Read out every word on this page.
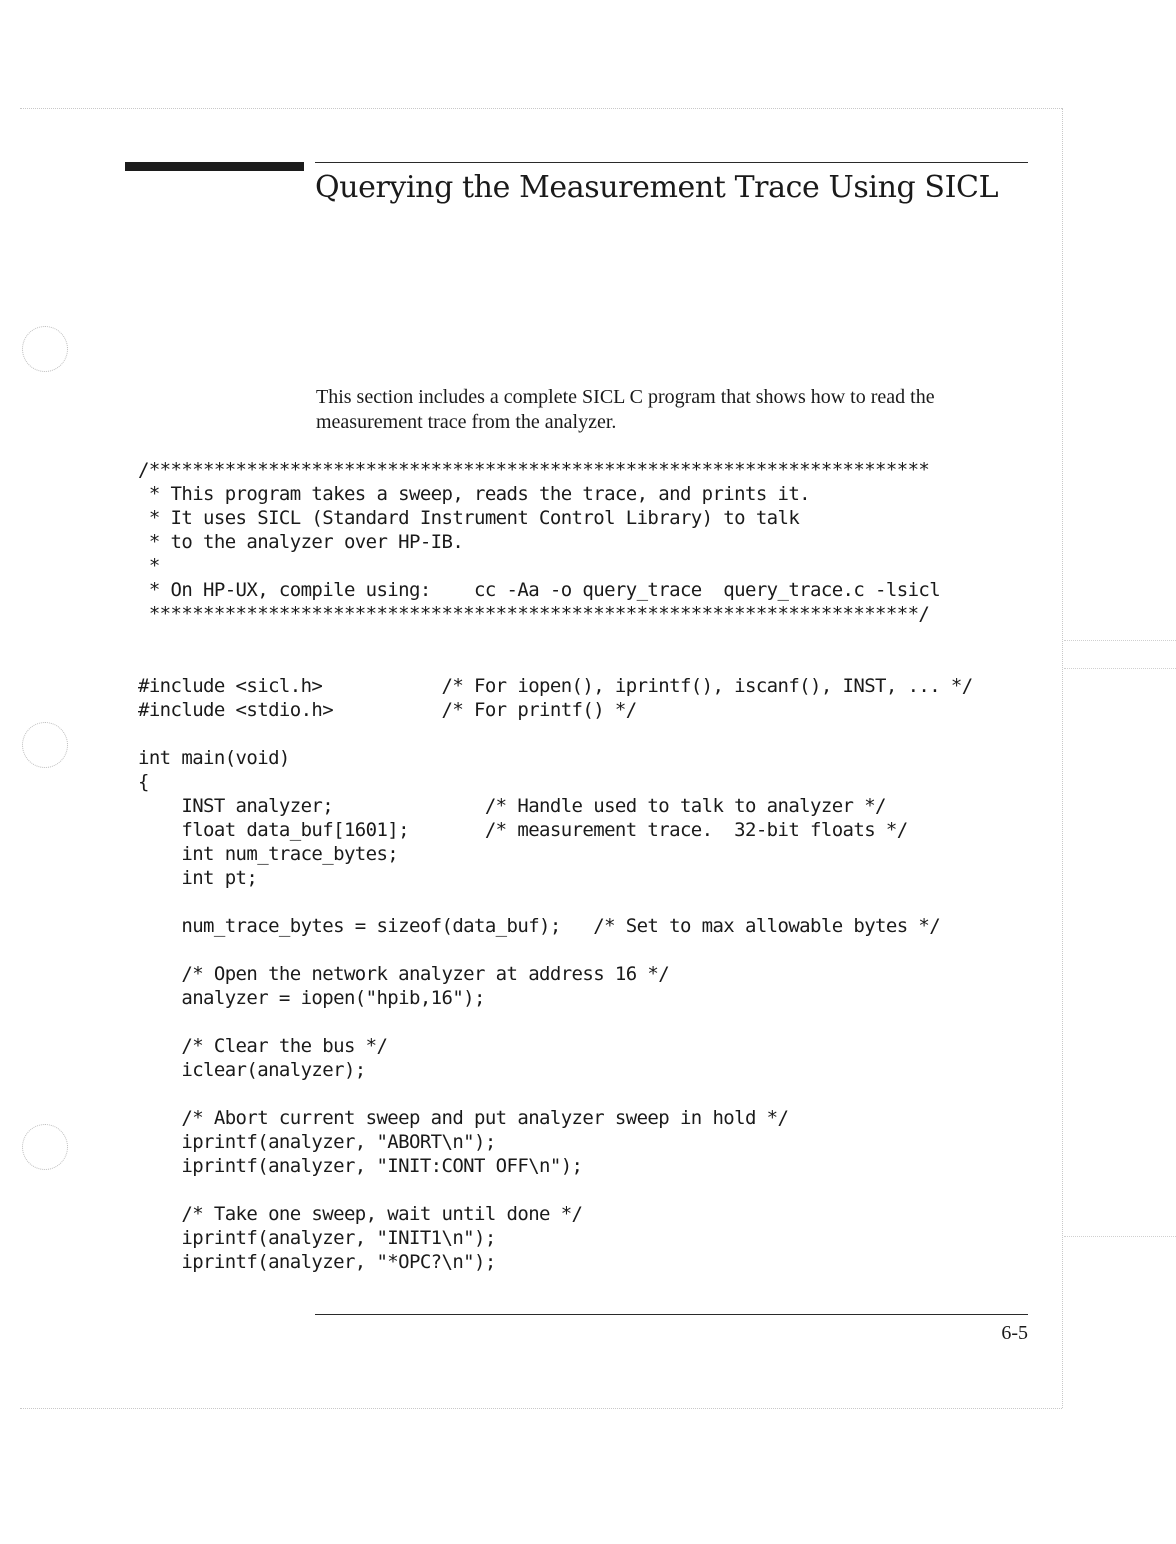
Querying the Measurement Trace Using SICL

This section includes a complete SICL C program that shows how to read the measurement trace from the analyzer.

/************************************************************************
* This program takes a sweep, reads the trace, and prints it.
* It uses SICL (Standard Instrument Control Library) to talk
* to the analyzer over HP-IB.
*
* On HP-UX, compile using:    cc -Aa -o query_trace  query_trace.c -lsicl
***********************************************************************/

#include <sicl.h>           /* For iopen(), iprintf(), iscanf(), INST, ... */
#include <stdio.h>          /* For printf() */

int main(void)
{
INST analyzer;              /* Handle used to talk to analyzer */
float data_buf[1601];       /* measurement trace.  32-bit floats */
int num_trace_bytes;
int pt;

num_trace_bytes = sizeof(data_buf);   /* Set to max allowable bytes */

/* Open the network analyzer at address 16 */
analyzer = iopen("hpib,16");

/* Clear the bus */
iclear(analyzer);

/* Abort current sweep and put analyzer sweep in hold */
iprintf(analyzer, "ABORT\n");
iprintf(analyzer, "INIT:CONT OFF\n");

/* Take one sweep, wait until done */
iprintf(analyzer, "INIT1\n");
iprintf(analyzer, "*OPC?\n");
6-5
